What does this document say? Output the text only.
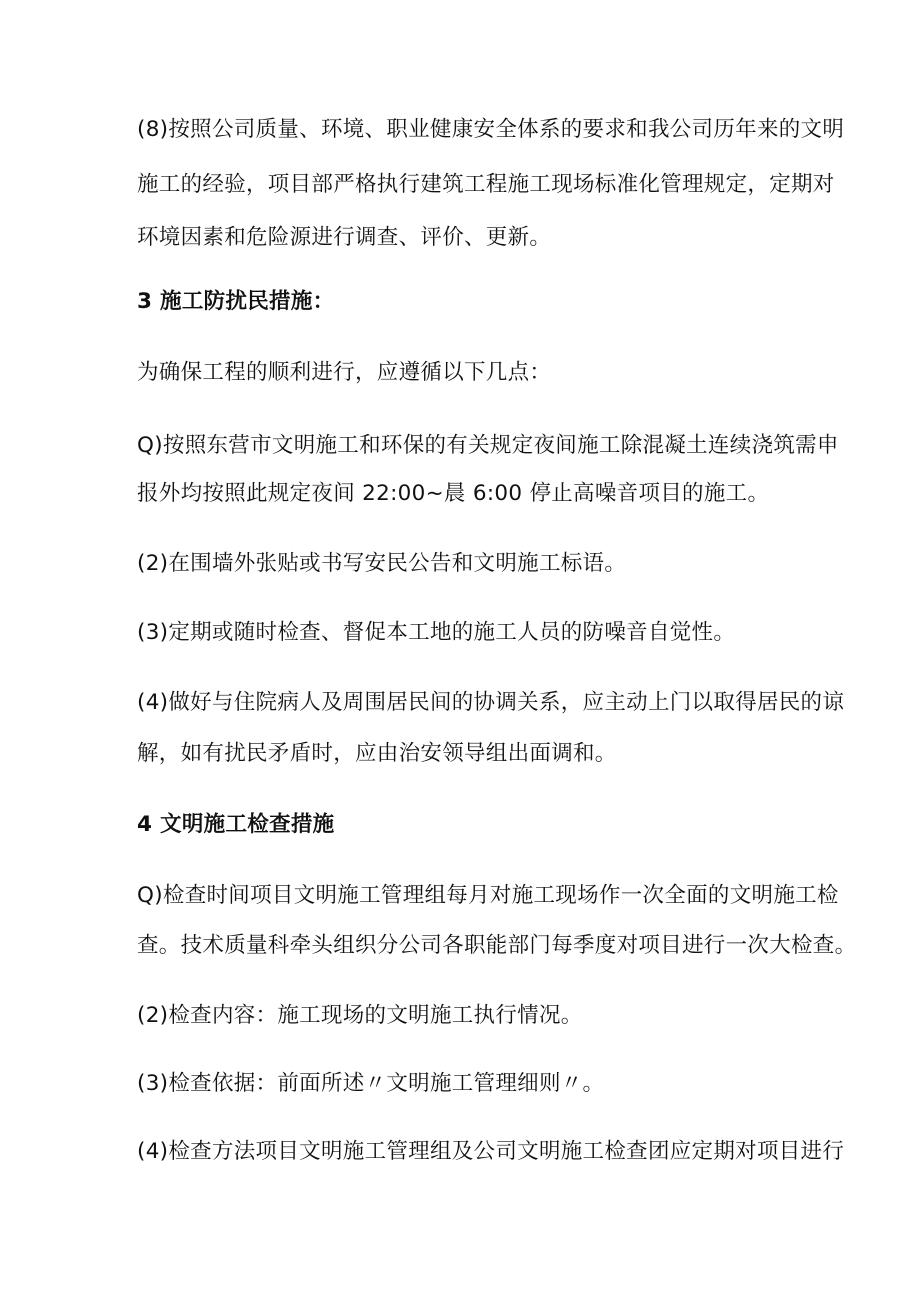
(8)按照公司质量、环境、职业健康安全体系的要求和我公司历年来的文明
施工的经验，项目部严格执行建筑工程施工现场标准化管理规定，定期对
环境因素和危险源进行调查、评价、更新。
3 施工防扰民措施：
为确保工程的顺利进行，应遵循以下几点：
Q)按照东营市文明施工和环保的有关规定夜间施工除混凝土连续浇筑需申
报外均按照此规定夜间 22:00~晨 6:00 停止高噪音项目的施工。
(2)在围墙外张贴或书写安民公告和文明施工标语。
(3)定期或随时检查、督促本工地的施工人员的防噪音自觉性。
(4)做好与住院病人及周围居民间的协调关系，应主动上门以取得居民的谅
解，如有扰民矛盾时，应由治安领导组出面调和。
4 文明施工检查措施
Q)检查时间项目文明施工管理组每月对施工现场作一次全面的文明施工检
查。技术质量科牵头组织分公司各职能部门每季度对项目进行一次大检查。
(2)检查内容：施工现场的文明施工执行情况。
(3)检查依据：前面所述〃文明施工管理细则〃。
(4)检查方法项目文明施工管理组及公司文明施工检查团应定期对项目进行
